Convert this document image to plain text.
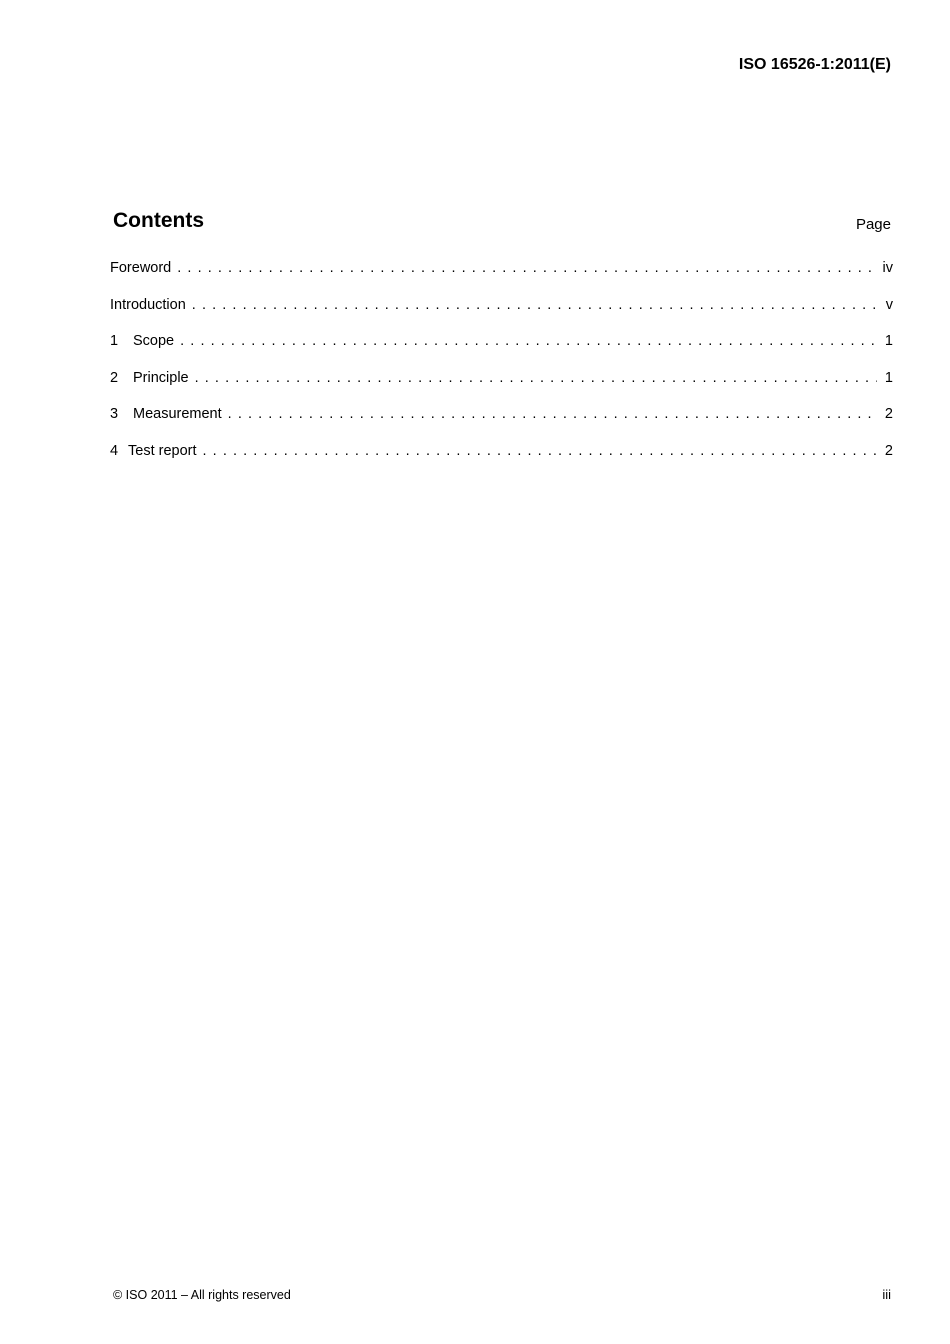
ISO 16526-1:2011(E)
Contents	Page
Foreword . . .	iv
Introduction . . .	v
1	Scope . . .	1
2	Principle . . .	1
3	Measurement . . .	2
4 Test report . . .	2
© ISO 2011 – All rights reserved	iii
